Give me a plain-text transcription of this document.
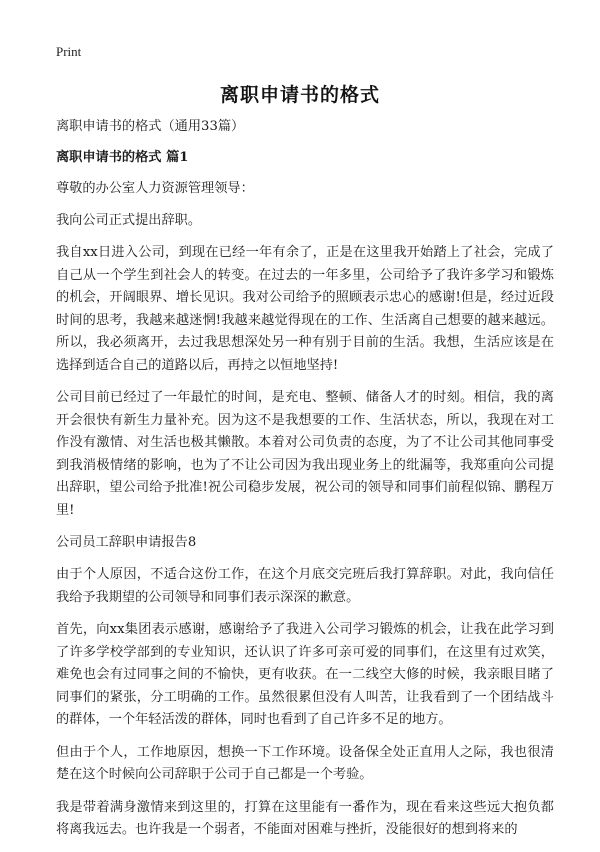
Print
离职申请书的格式
离职申请书的格式（通用33篇）
离职申请书的格式 篇1
尊敬的办公室人力资源管理领导：
我向公司正式提出辞职。

我自xx日进入公司，到现在已经一年有余了，正是在这里我开始踏上了社会，完成了自己从一个学生到社会人的转变。在过去的一年多里，公司给予了我许多学习和锻炼的机会，开阔眼界、增长见识。我对公司给予的照顾表示忠心的感谢!但是，经过近段时间的思考，我越来越迷惘!我越来越觉得现在的工作、生活离自己想要的越来越远。所以，我必须离开，去过我思想深处另一种有别于目前的生活。我想，生活应该是在选择到适合自己的道路以后，再持之以恒地坚持!

公司目前已经过了一年最忙的时间，是充电、整顿、储备人才的时刻。相信，我的离开会很快有新生力量补充。因为这不是我想要的工作、生活状态，所以，我现在对工作没有激情、对生活也极其懒散。本着对公司负责的态度，为了不让公司其他同事受到我消极情绪的影响，也为了不让公司因为我出现业务上的纰漏等，我郑重向公司提出辞职，望公司给予批准!祝公司稳步发展，祝公司的领导和同事们前程似锦、鹏程万里!

公司员工辞职申请报告8

由于个人原因，不适合这份工作，在这个月底交完班后我打算辞职。对此，我向信任我给予我期望的公司领导和同事们表示深深的歉意。

首先，向xx集团表示感谢，感谢给予了我进入公司学习锻炼的机会，让我在此学习到了许多学校学部到的专业知识，还认识了许多可亲可爱的同事们，在这里有过欢笑，难免也会有过同事之间的不愉快，更有收获。在一二线空大修的时候，我亲眼目睹了同事们的紧张，分工明确的工作。虽然很累但没有人叫苦，让我看到了一个团结战斗的群体，一个年轻活泼的群体，同时也看到了自己许多不足的地方。

但由于个人，工作地原因，想换一下工作环境。设备保全处正直用人之际，我也很清楚在这个时候向公司辞职于公司于自己都是一个考验。

我是带着满身激情来到这里的，打算在这里能有一番作为，现在看来这些远大抱负都将离我远去。也许我是一个弱者，不能面对困难与挫折，没能很好的想到将来的
